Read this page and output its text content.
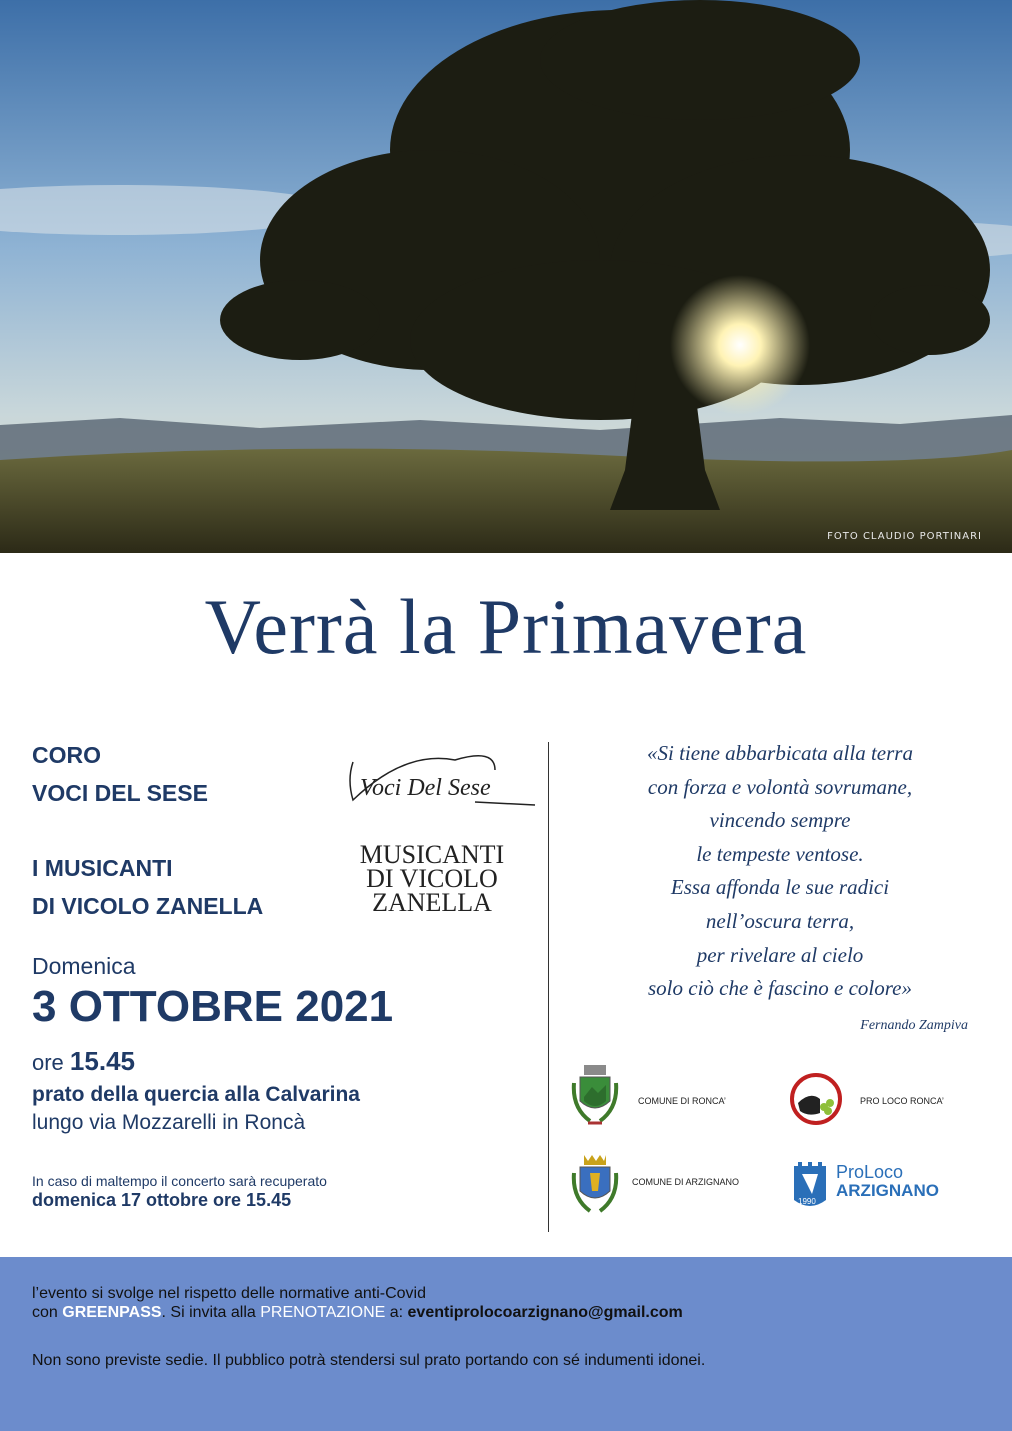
FOTO CLAUDIO PORTINARI
Verrà la Primavera
CORO
VOCI DEL SESE	Voci Del Sese
I MUSICANTI
DI VICOLO ZANELLA
MUSICANTI
DI VICOLO
ZANELLA
Domenica
3 OTTOBRE 2021
ore 15.45
prato della quercia alla Calvarina
lungo via Mozzarelli in Roncà
In caso di maltempo il concerto sarà recuperato
domenica 17 ottobre ore 15.45
«Si tiene abbarbicata alla terra
con forza e volontà sovrumane,
vincendo sempre
le tempeste ventose.
Essa affonda le sue radici
nell’oscura terra,
per rivelare al cielo
solo ciò che è fascino e colore»
Fernando Zampiva
COMUNE DI RONCA’	PRO LOCO RONCA’
COMUNE DI ARZIGNANO
1990
ProLoco
ARZIGNANO
l’evento si svolge nel rispetto delle normative anti-Covid
con GREENPASS. Si invita alla PRENOTAZIONE a: eventiprolocoarzignano@gmail.com
Non sono previste sedie. Il pubblico potrà stendersi sul prato portando con sé indumenti idonei.
